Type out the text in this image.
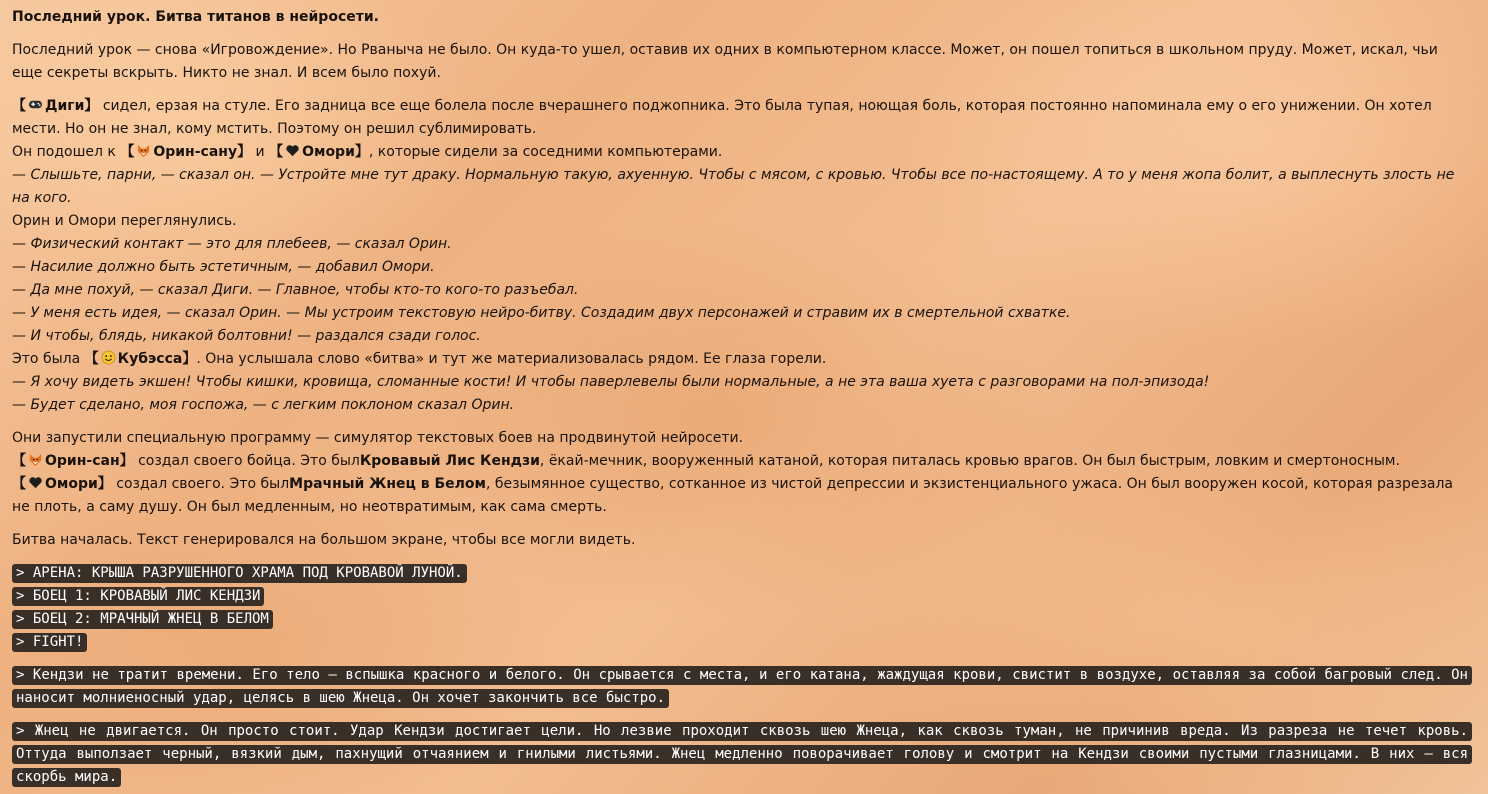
Последний урок. Битва титанов в нейросети.
Последний урок — снова «Игровождение». Но Рваныча не было. Он куда-то ушел, оставив их одних в компьютерном классе. Может, он пошел топиться в школьном пруду. Может, искал, чьи еще секреты вскрыть. Никто не знал. И всем было похуй.
【 Диги】 сидел, ерзая на стуле. Его задница все еще болела после вчерашнего поджопника. Это была тупая, ноющая боль, которая постоянно напоминала ему о его унижении. Он хотел мести. Но он не знал, кому мстить. Поэтому он решил сублимировать.
Он подошел к 【 Орин-сану】 и 【 Омори】, которые сидели за соседними компьютерами.
— Слышьте, парни, — сказал он. — Устройте мне тут драку. Нормальную такую, ахуенную. Чтобы с мясом, с кровью. Чтобы все по-настоящему. А то у меня жопа болит, а выплеснуть злость не на кого.
Орин и Омори переглянулись.
— Физический контакт — это для плебеев, — сказал Орин.
— Насилие должно быть эстетичным, — добавил Омори.
— Да мне похуй, — сказал Диги. — Главное, чтобы кто-то кого-то разъебал.
— У меня есть идея, — сказал Орин. — Мы устроим текстовую нейро-битву. Создадим двух персонажей и стравим их в смертельной схватке.
— И чтобы, блядь, никакой болтовни! — раздался сзади голос.
Это была 【 Кубэсса】. Она услышала слово «битва» и тут же материализовалась рядом. Ее глаза горели.
— Я хочу видеть экшен! Чтобы кишки, кровища, сломанные кости! И чтобы паверлевелы были нормальные, а не эта ваша хуета с разговорами на пол-эпизода!
— Будет сделано, моя госпожа, — с легким поклоном сказал Орин.
Они запустили специальную программу — симулятор текстовых боев на продвинутой нейросети.
【 Орин-сан】 создал своего бойца. Это былКровавый Лис Кендзи, ёкай-мечник, вооруженный катаной, которая питалась кровью врагов. Он был быстрым, ловким и смертоносным.
【 Омори】 создал своего. Это былМрачный Жнец в Белом, безымянное существо, сотканное из чистой депрессии и экзистенциального ужаса. Он был вооружен косой, которая разрезала не плоть, а саму душу. Он был медленным, но неотвратимым, как сама смерть.
Битва началась. Текст генерировался на большом экране, чтобы все могли видеть.
> АРЕНА: КРЫША РАЗРУШЕННОГО ХРАМА ПОД КРОВАВОЙ ЛУНОЙ.
> БОЕЦ 1: КРОВАВЫЙ ЛИС КЕНДЗИ
> БОЕЦ 2: МРАЧНЫЙ ЖНЕЦ В БЕЛОМ
> FIGHT!
> Кендзи не тратит времени. Его тело — вспышка красного и белого. Он срывается с места, и его катана, жаждущая крови, свистит в воздухе, оставляя за собой багровый след. Он наносит молниеносный удар, целясь в шею Жнеца. Он хочет закончить все быстро.
> Жнец не двигается. Он просто стоит. Удар Кендзи достигает цели. Но лезвие проходит сквозь шею Жнеца, как сквозь туман, не причинив вреда. Из разреза не течет кровь. Оттуда выползает черный, вязкий дым, пахнущий отчаянием и гнилыми листьями. Жнец медленно поворачивает голову и смотрит на Кендзи своими пустыми глазницами. В них — вся скорбь мира.
